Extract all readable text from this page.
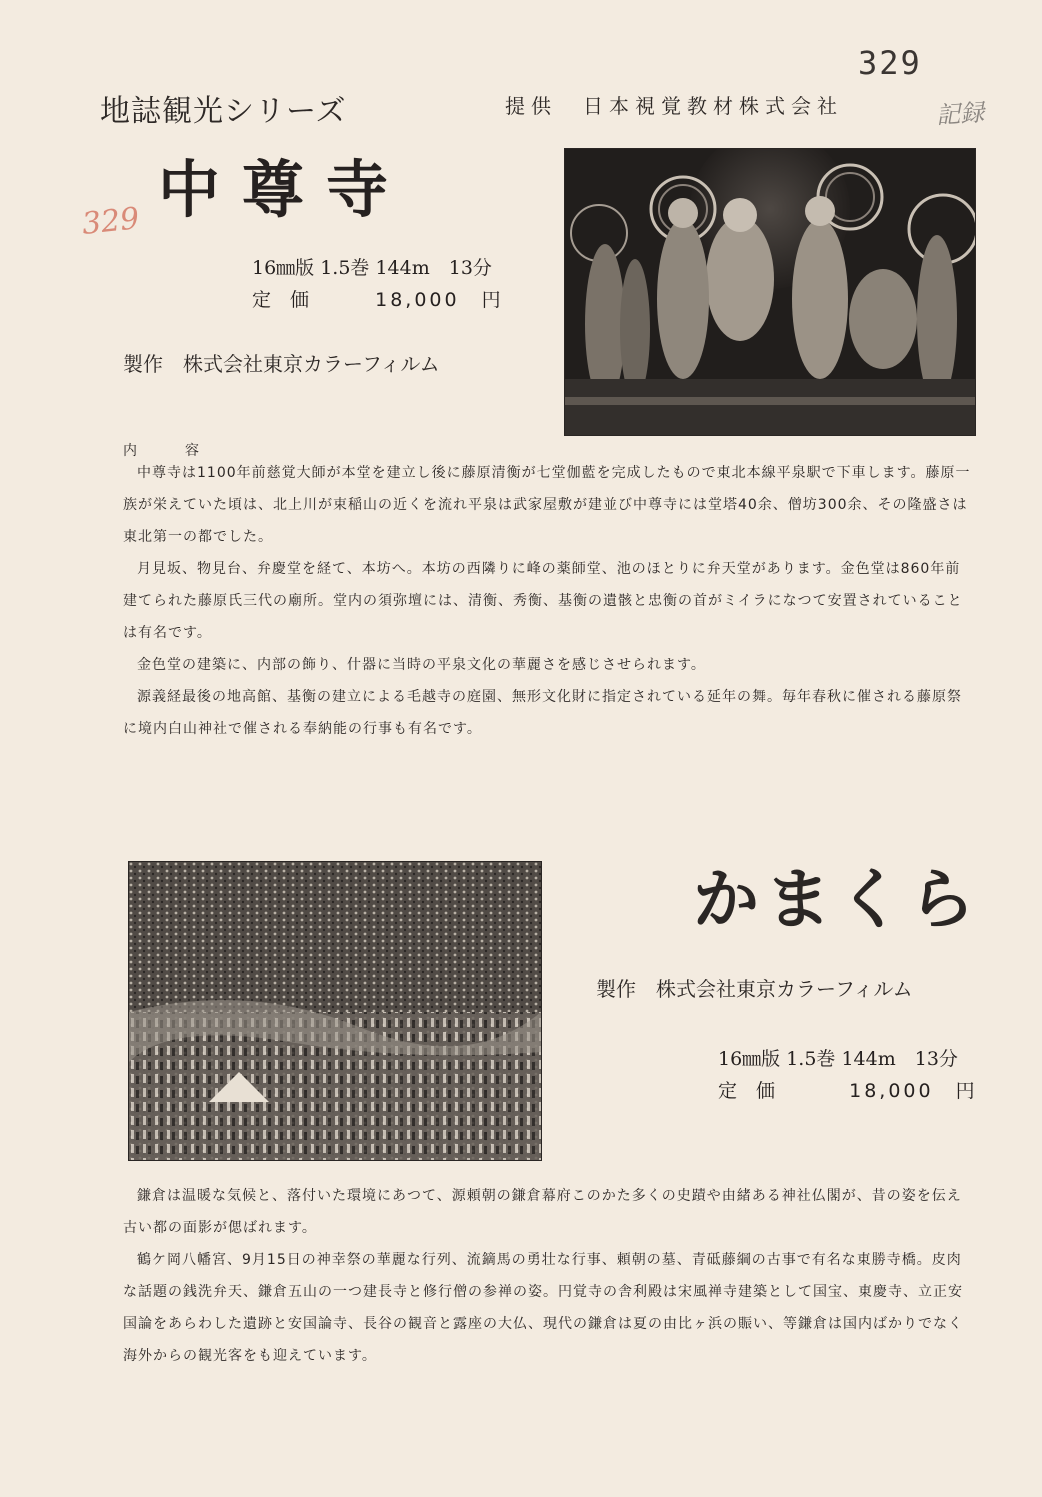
329
329
記録
地誌観光シリーズ	提供　日本視覚教材株式会社
中尊寺
16㎜版 1.5巻 144m　13分
定　価	18,000　円
製作　株式会社東京カラーフィルム
内容

中尊寺は1100年前慈覚大師が本堂を建立し後に藤原清衡が七堂伽藍を完成したもので東北本線平泉駅で下車します。藤原一族が栄えていた頃は、北上川が束稲山の近くを流れ平泉は武家屋敷が建並び中尊寺には堂塔40余、僧坊300余、その隆盛さは東北第一の都でした。

月見坂、物見台、弁慶堂を経て、本坊へ。本坊の西隣りに峰の薬師堂、池のほとりに弁天堂があります。金色堂は860年前建てられた藤原氏三代の廟所。堂内の須弥壇には、清衡、秀衡、基衡の遺骸と忠衡の首がミイラになつて安置されていることは有名です。

金色堂の建築に、内部の飾り、什器に当時の平泉文化の華麗さを感じさせられます。

源義経最後の地高館、基衡の建立による毛越寺の庭園、無形文化財に指定されている延年の舞。毎年春秋に催される藤原祭に境内白山神社で催される奉納能の行事も有名です。

かまくら
製作　株式会社東京カラーフィルム
16㎜版 1.5巻 144m　13分
定　価	18,000　円

鎌倉は温暖な気候と、落付いた環境にあつて、源頼朝の鎌倉幕府このかた多くの史蹟や由緒ある神社仏閣が、昔の姿を伝え古い都の面影が偲ばれます。

鶴ケ岡八幡宮、9月15日の神幸祭の華麗な行列、流鏑馬の勇壮な行事、頼朝の墓、青砥藤綱の古事で有名な東勝寺橋。皮肉な話題の銭洗弁天、鎌倉五山の一つ建長寺と修行僧の参禅の姿。円覚寺の舎利殿は宋風禅寺建築として国宝、東慶寺、立正安国論をあらわした遺跡と安国論寺、長谷の観音と露座の大仏、現代の鎌倉は夏の由比ヶ浜の賑い、等鎌倉は国内ばかりでなく海外からの観光客をも迎えています。
